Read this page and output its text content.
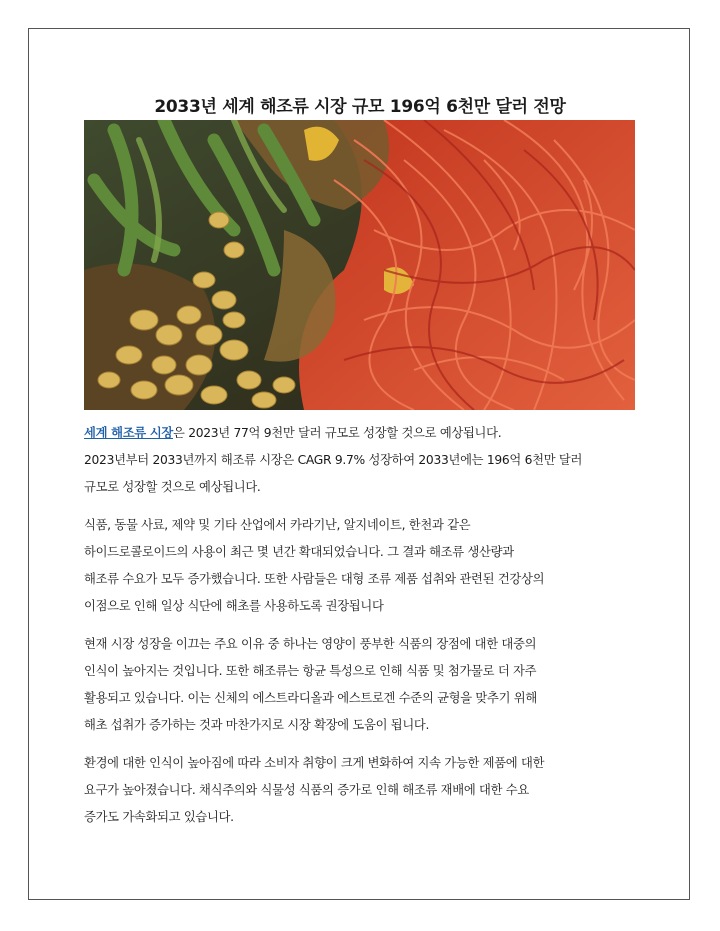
2033년 세계 해조류 시장 규모 196억 6천만 달러 전망

세계 해조류 시장은 2023년 77억 9천만 달러 규모로 성장할 것으로 예상됩니다.
2023년부터 2033년까지 해조류 시장은 CAGR 9.7% 성장하여 2033년에는 196억 6천만 달러
규모로 성장할 것으로 예상됩니다.

식품, 동물 사료, 제약 및 기타 산업에서 카라기난, 알지네이트, 한천과 같은
하이드로콜로이드의 사용이 최근 몇 년간 확대되었습니다. 그 결과 해조류 생산량과
해조류 수요가 모두 증가했습니다. 또한 사람들은 대형 조류 제품 섭취와 관련된 건강상의
이점으로 인해 일상 식단에 해초를 사용하도록 권장됩니다

현재 시장 성장을 이끄는 주요 이유 중 하나는 영양이 풍부한 식품의 장점에 대한 대중의
인식이 높아지는 것입니다. 또한 해조류는 항균 특성으로 인해 식품 및 첨가물로 더 자주
활용되고 있습니다. 이는 신체의 에스트라디올과 에스트로겐 수준의 균형을 맞추기 위해
해초 섭취가 증가하는 것과 마찬가지로 시장 확장에 도움이 됩니다.

환경에 대한 인식이 높아짐에 따라 소비자 취향이 크게 변화하여 지속 가능한 제품에 대한
요구가 높아졌습니다. 채식주의와 식물성 식품의 증가로 인해 해조류 재배에 대한 수요
증가도 가속화되고 있습니다.
